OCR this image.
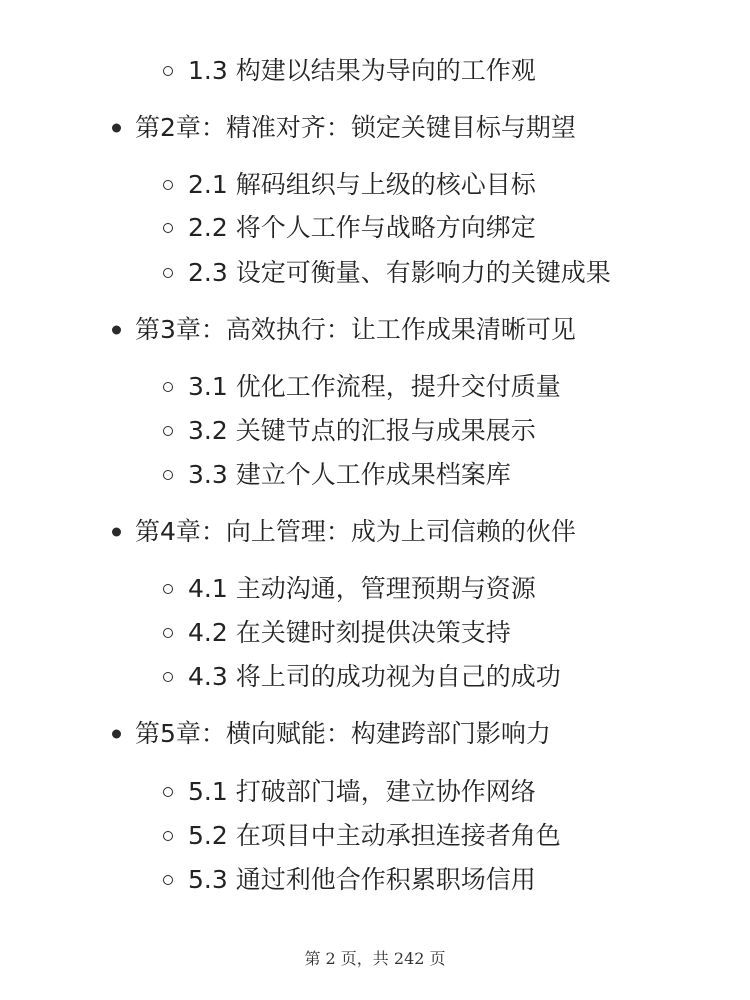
1.3 构建以结果为导向的工作观
第2章：精准对齐：锁定关键目标与期望
2.1 解码组织与上级的核心目标
2.2 将个人工作与战略方向绑定
2.3 设定可衡量、有影响力的关键成果
第3章：高效执行：让工作成果清晰可见
3.1 优化工作流程，提升交付质量
3.2 关键节点的汇报与成果展示
3.3 建立个人工作成果档案库
第4章：向上管理：成为上司信赖的伙伴
4.1 主动沟通，管理预期与资源
4.2 在关键时刻提供决策支持
4.3 将上司的成功视为自己的成功
第5章：横向赋能：构建跨部门影响力
5.1 打破部门墙，建立协作网络
5.2 在项目中主动承担连接者角色
5.3 通过利他合作积累职场信用
第 2 页，共 242 页
